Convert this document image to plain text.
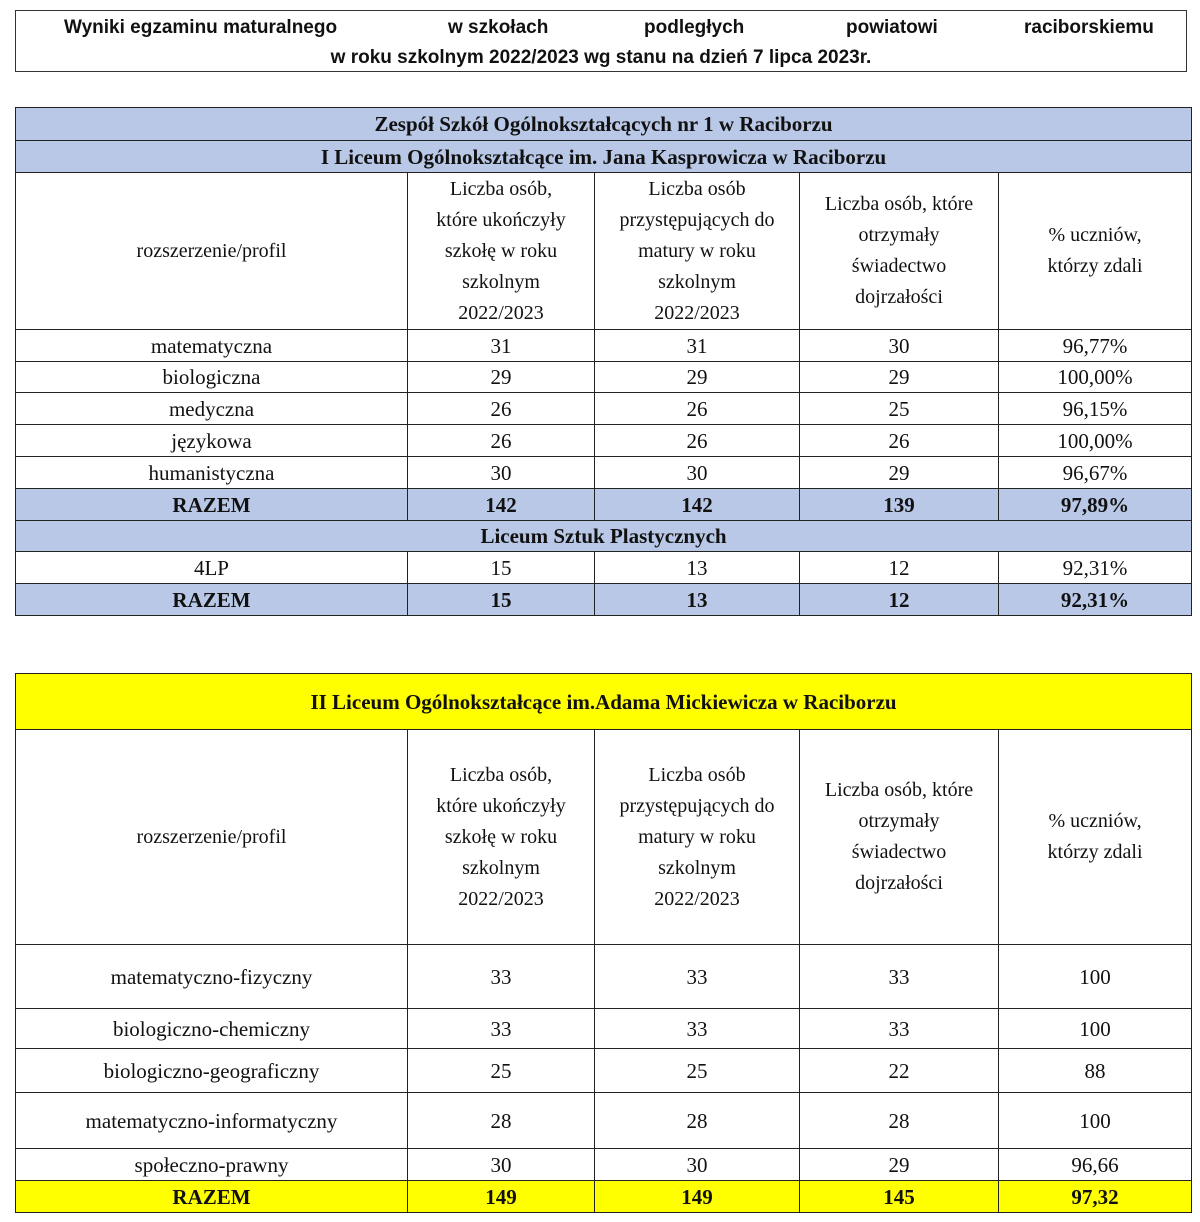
Wyniki egzaminu maturalnego	w szkołach	podległych	powiatowi	raciborskiemu
w roku szkolnym 2022/2023 wg stanu na dzień 7 lipca 2023r.
Zespół Szkół Ogólnokształcących nr 1 w Raciborzu				
I Liceum Ogólnokształcące im. Jana Kasprowicza w Raciborzu				
rozszerzenie/profil	Liczba osób,
które ukończyły
szkołę w roku
szkolnym
2022/2023	Liczba osób
przystępujących do
matury w roku
szkolnym
2022/2023	Liczba osób, które
otrzymały
świadectwo
dojrzałości	% uczniów,
którzy zdali
matematyczna	31	31	30	96,77%
biologiczna	29	29	29	100,00%
medyczna	26	26	25	96,15%
językowa	26	26	26	100,00%
humanistyczna	30	30	29	96,67%
RAZEM	142	142	139	97,89%
Liceum Sztuk Plastycznych				
4LP	15	13	12	92,31%
RAZEM	15	13	12	92,31%
II Liceum Ogólnokształcące im.Adama Mickiewicza w Raciborzu				
rozszerzenie/profil	Liczba osób,
które ukończyły
szkołę w roku
szkolnym
2022/2023	Liczba osób
przystępujących do
matury w roku
szkolnym
2022/2023	Liczba osób, które
otrzymały
świadectwo
dojrzałości	% uczniów,
którzy zdali
matematyczno-fizyczny	33	33	33	100
biologiczno-chemiczny	33	33	33	100
biologiczno-geograficzny	25	25	22	88
matematyczno-informatyczny	28	28	28	100
społeczno-prawny	30	30	29	96,66
RAZEM	149	149	145	97,32
